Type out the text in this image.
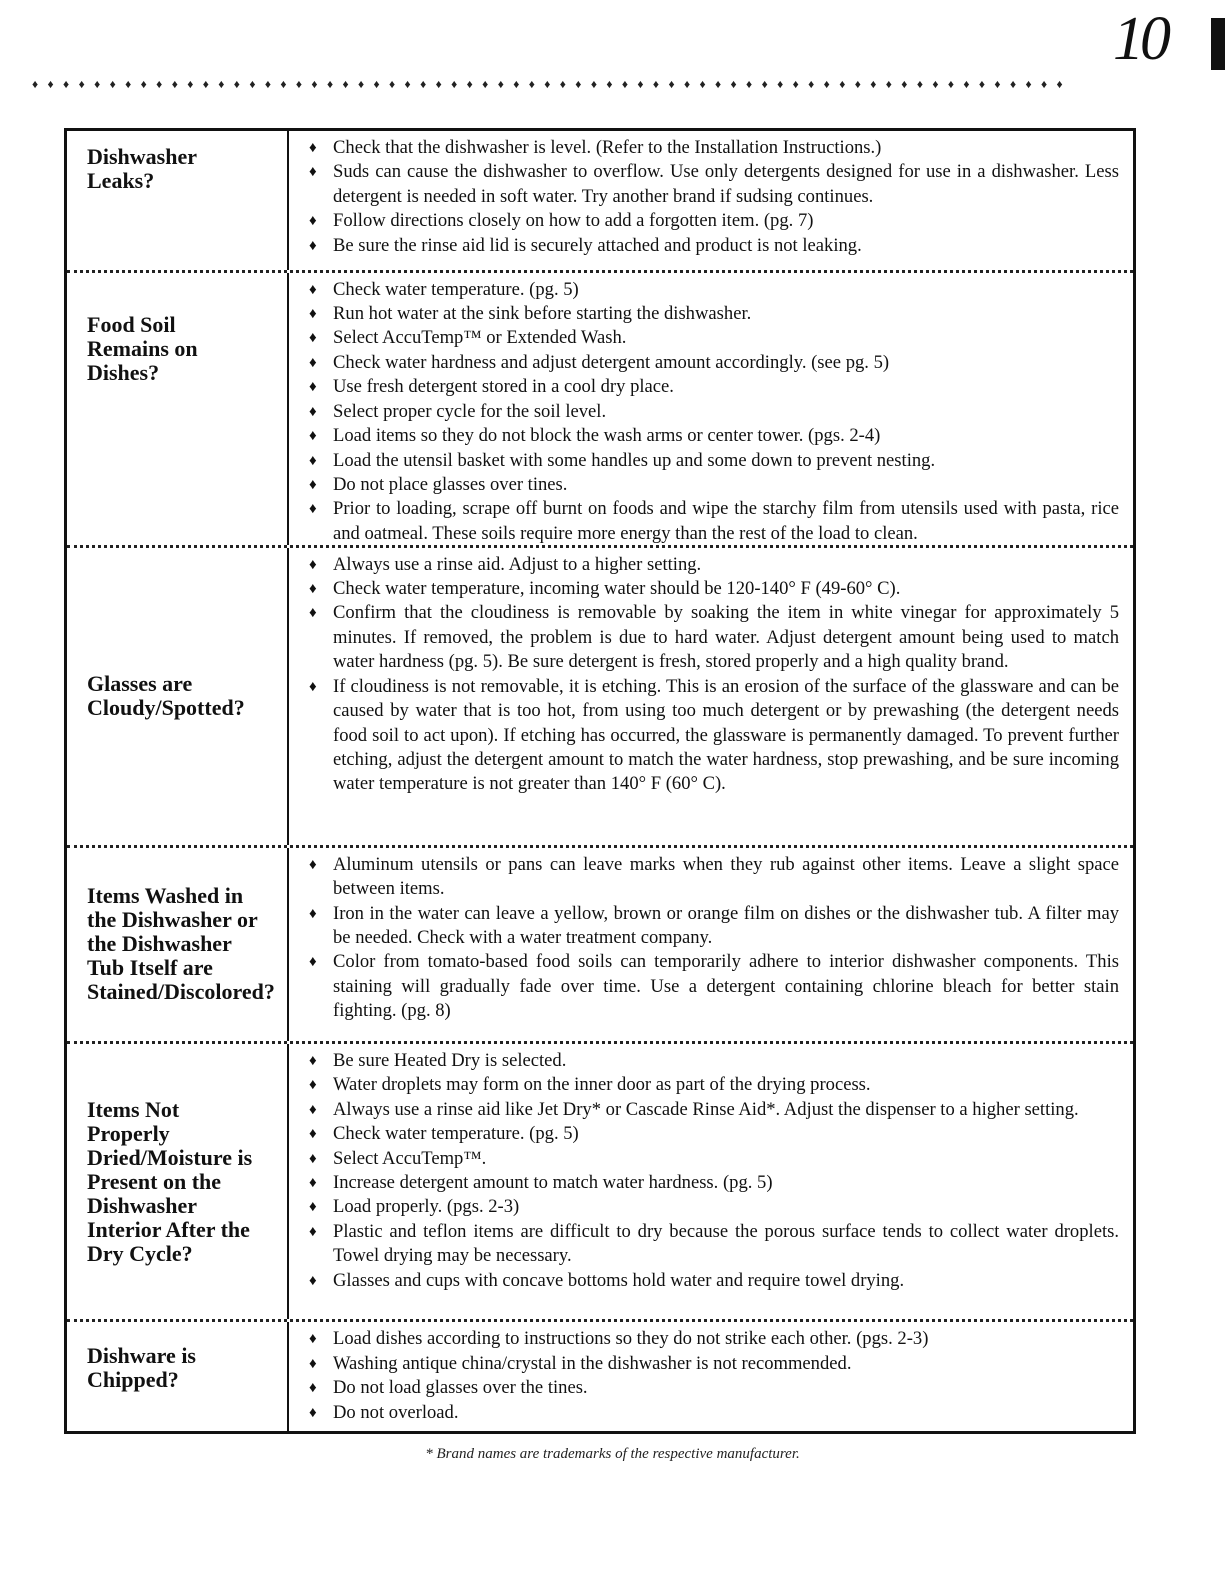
10
♦♦♦♦♦♦♦♦♦♦♦♦♦♦♦♦♦♦♦♦♦♦♦♦♦♦♦♦♦♦♦♦♦♦♦♦♦♦♦♦♦♦♦♦♦♦♦♦♦♦♦♦♦♦♦♦♦♦♦♦♦♦♦♦♦♦♦

Dishwasher
Leaks?

♦ Check that the dishwasher is level. (Refer to the Installation Instructions.)
♦ Suds can cause the dishwasher to overflow. Use only detergents designed for use in a dishwasher. Less detergent is needed in soft water. Try another brand if sudsing continues.
♦ Follow directions closely on how to add a forgotten item. (pg. 7)
♦ Be sure the rinse aid lid is securely attached and product is not leaking.

Food Soil
Remains on
Dishes?

♦ Check water temperature. (pg. 5)
♦ Run hot water at the sink before starting the dishwasher.
♦ Select AccuTemp™ or Extended Wash.
♦ Check water hardness and adjust detergent amount accordingly. (see pg. 5)
♦ Use fresh detergent stored in a cool dry place.
♦ Select proper cycle for the soil level.
♦ Load items so they do not block the wash arms or center tower. (pgs. 2-4)
♦ Load the utensil basket with some handles up and some down to prevent nesting.
♦ Do not place glasses over tines.
♦ Prior to loading, scrape off burnt on foods and wipe the starchy film from utensils used with pasta, rice and oatmeal. These soils require more energy than the rest of the load to clean.

Glasses are
Cloudy/Spotted?

♦ Always use a rinse aid. Adjust to a higher setting.
♦ Check water temperature, incoming water should be 120-140° F (49-60° C).
♦ Confirm that the cloudiness is removable by soaking the item in white vinegar for approximately 5 minutes. If removed, the problem is due to hard water. Adjust detergent amount being used to match water hardness (pg. 5). Be sure detergent is fresh, stored properly and a high quality brand.
♦ If cloudiness is not removable, it is etching. This is an erosion of the surface of the glassware and can be caused by water that is too hot, from using too much detergent or by prewashing (the detergent needs food soil to act upon). If etching has occurred, the glassware is permanently damaged. To prevent further etching, adjust the detergent amount to match the water hardness, stop prewashing, and be sure incoming water temperature is not greater than 140° F (60° C).

Items Washed in
the Dishwasher or
the Dishwasher
Tub Itself are
Stained/Discolored?

♦ Aluminum utensils or pans can leave marks when they rub against other items. Leave a slight space between items.
♦ Iron in the water can leave a yellow, brown or orange film on dishes or the dishwasher tub. A filter may be needed. Check with a water treatment company.
♦ Color from tomato-based food soils can temporarily adhere to interior dishwasher components. This staining will gradually fade over time. Use a detergent containing chlorine bleach for better stain fighting. (pg. 8)

Items Not
Properly
Dried/Moisture is
Present on the
Dishwasher
Interior After the
Dry Cycle?

♦ Be sure Heated Dry is selected.
♦ Water droplets may form on the inner door as part of the drying process.
♦ Always use a rinse aid like Jet Dry* or Cascade Rinse Aid*. Adjust the dispenser to a higher setting.
♦ Check water temperature. (pg. 5)
♦ Select AccuTemp™.
♦ Increase detergent amount to match water hardness. (pg. 5)
♦ Load properly. (pgs. 2-3)
♦ Plastic and teflon items are difficult to dry because the porous surface tends to collect water droplets. Towel drying may be necessary.
♦ Glasses and cups with concave bottoms hold water and require towel drying.

Dishware is
Chipped?

♦ Load dishes according to instructions so they do not strike each other. (pgs. 2-3)
♦ Washing antique china/crystal in the dishwasher is not recommended.
♦ Do not load glasses over the tines.
♦ Do not overload.
* Brand names are trademarks of the respective manufacturer.
